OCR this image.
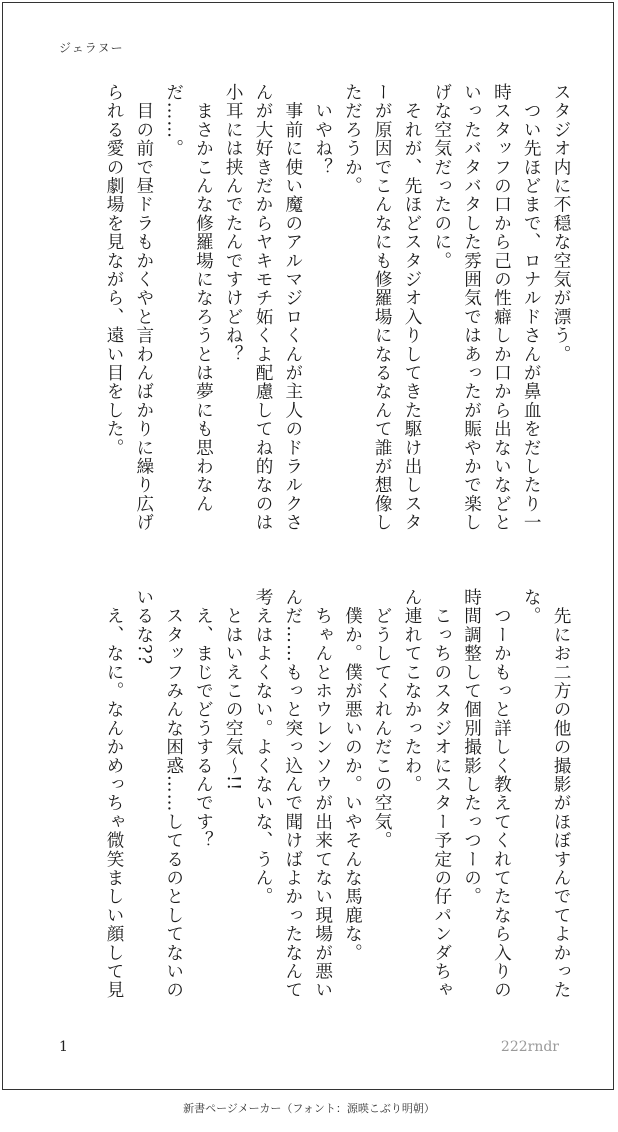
ジェラヌー

スタジオ内に不穏な空気が漂う。

　つい先ほどまで、ロナルドさんが鼻血をだしたり一時スタッフの口から己の性癖しか口から出ないなどといったバタバタした雰囲気ではあったが賑やかで楽しげな空気だったのに。

　それが、先ほどスタジオ入りしてきた駆け出しスターが原因でこんなにも修羅場になるなんて誰が想像しただろうか。

　いやね？

　事前に使い魔のアルマジロくんが主人のドラルクさんが大好きだからヤキモチ妬くよ配慮してね的なのは小耳には挟んでたんですけどね？

　まさかこんな修羅場になろうとは夢にも思わなんだ……。

　目の前で昼ドラもかくやと言わんばかりに繰り広げられる愛の劇場を見ながら、遠い目をした。

　先にお二方の他の撮影がほぼすんでてよかったな。

　つーかもっと詳しく教えてくれてたなら入りの時間調整して個別撮影したっつーの。

　こっちのスタジオにスター予定の仔パンダちゃん連れてこなかったわ。

　どうしてくれんだこの空気。

　僕か。僕が悪いのか。いやそんな馬鹿な。

　ちゃんとホウレンソウが出来てない現場が悪いんだ……もっと突っ込んで聞けばよかったなんて考えはよくない。よくないな、うん。

　とはいえこの空気〜!!

　え、まじでどうするんです？

　スタッフみんな困惑……してるのとしてないのいるな??

　え、なに。なんかめっちゃ微笑ましい顔して見

1	222rndr
新書ページメーカー（フォント：源暎こぶり明朝）
